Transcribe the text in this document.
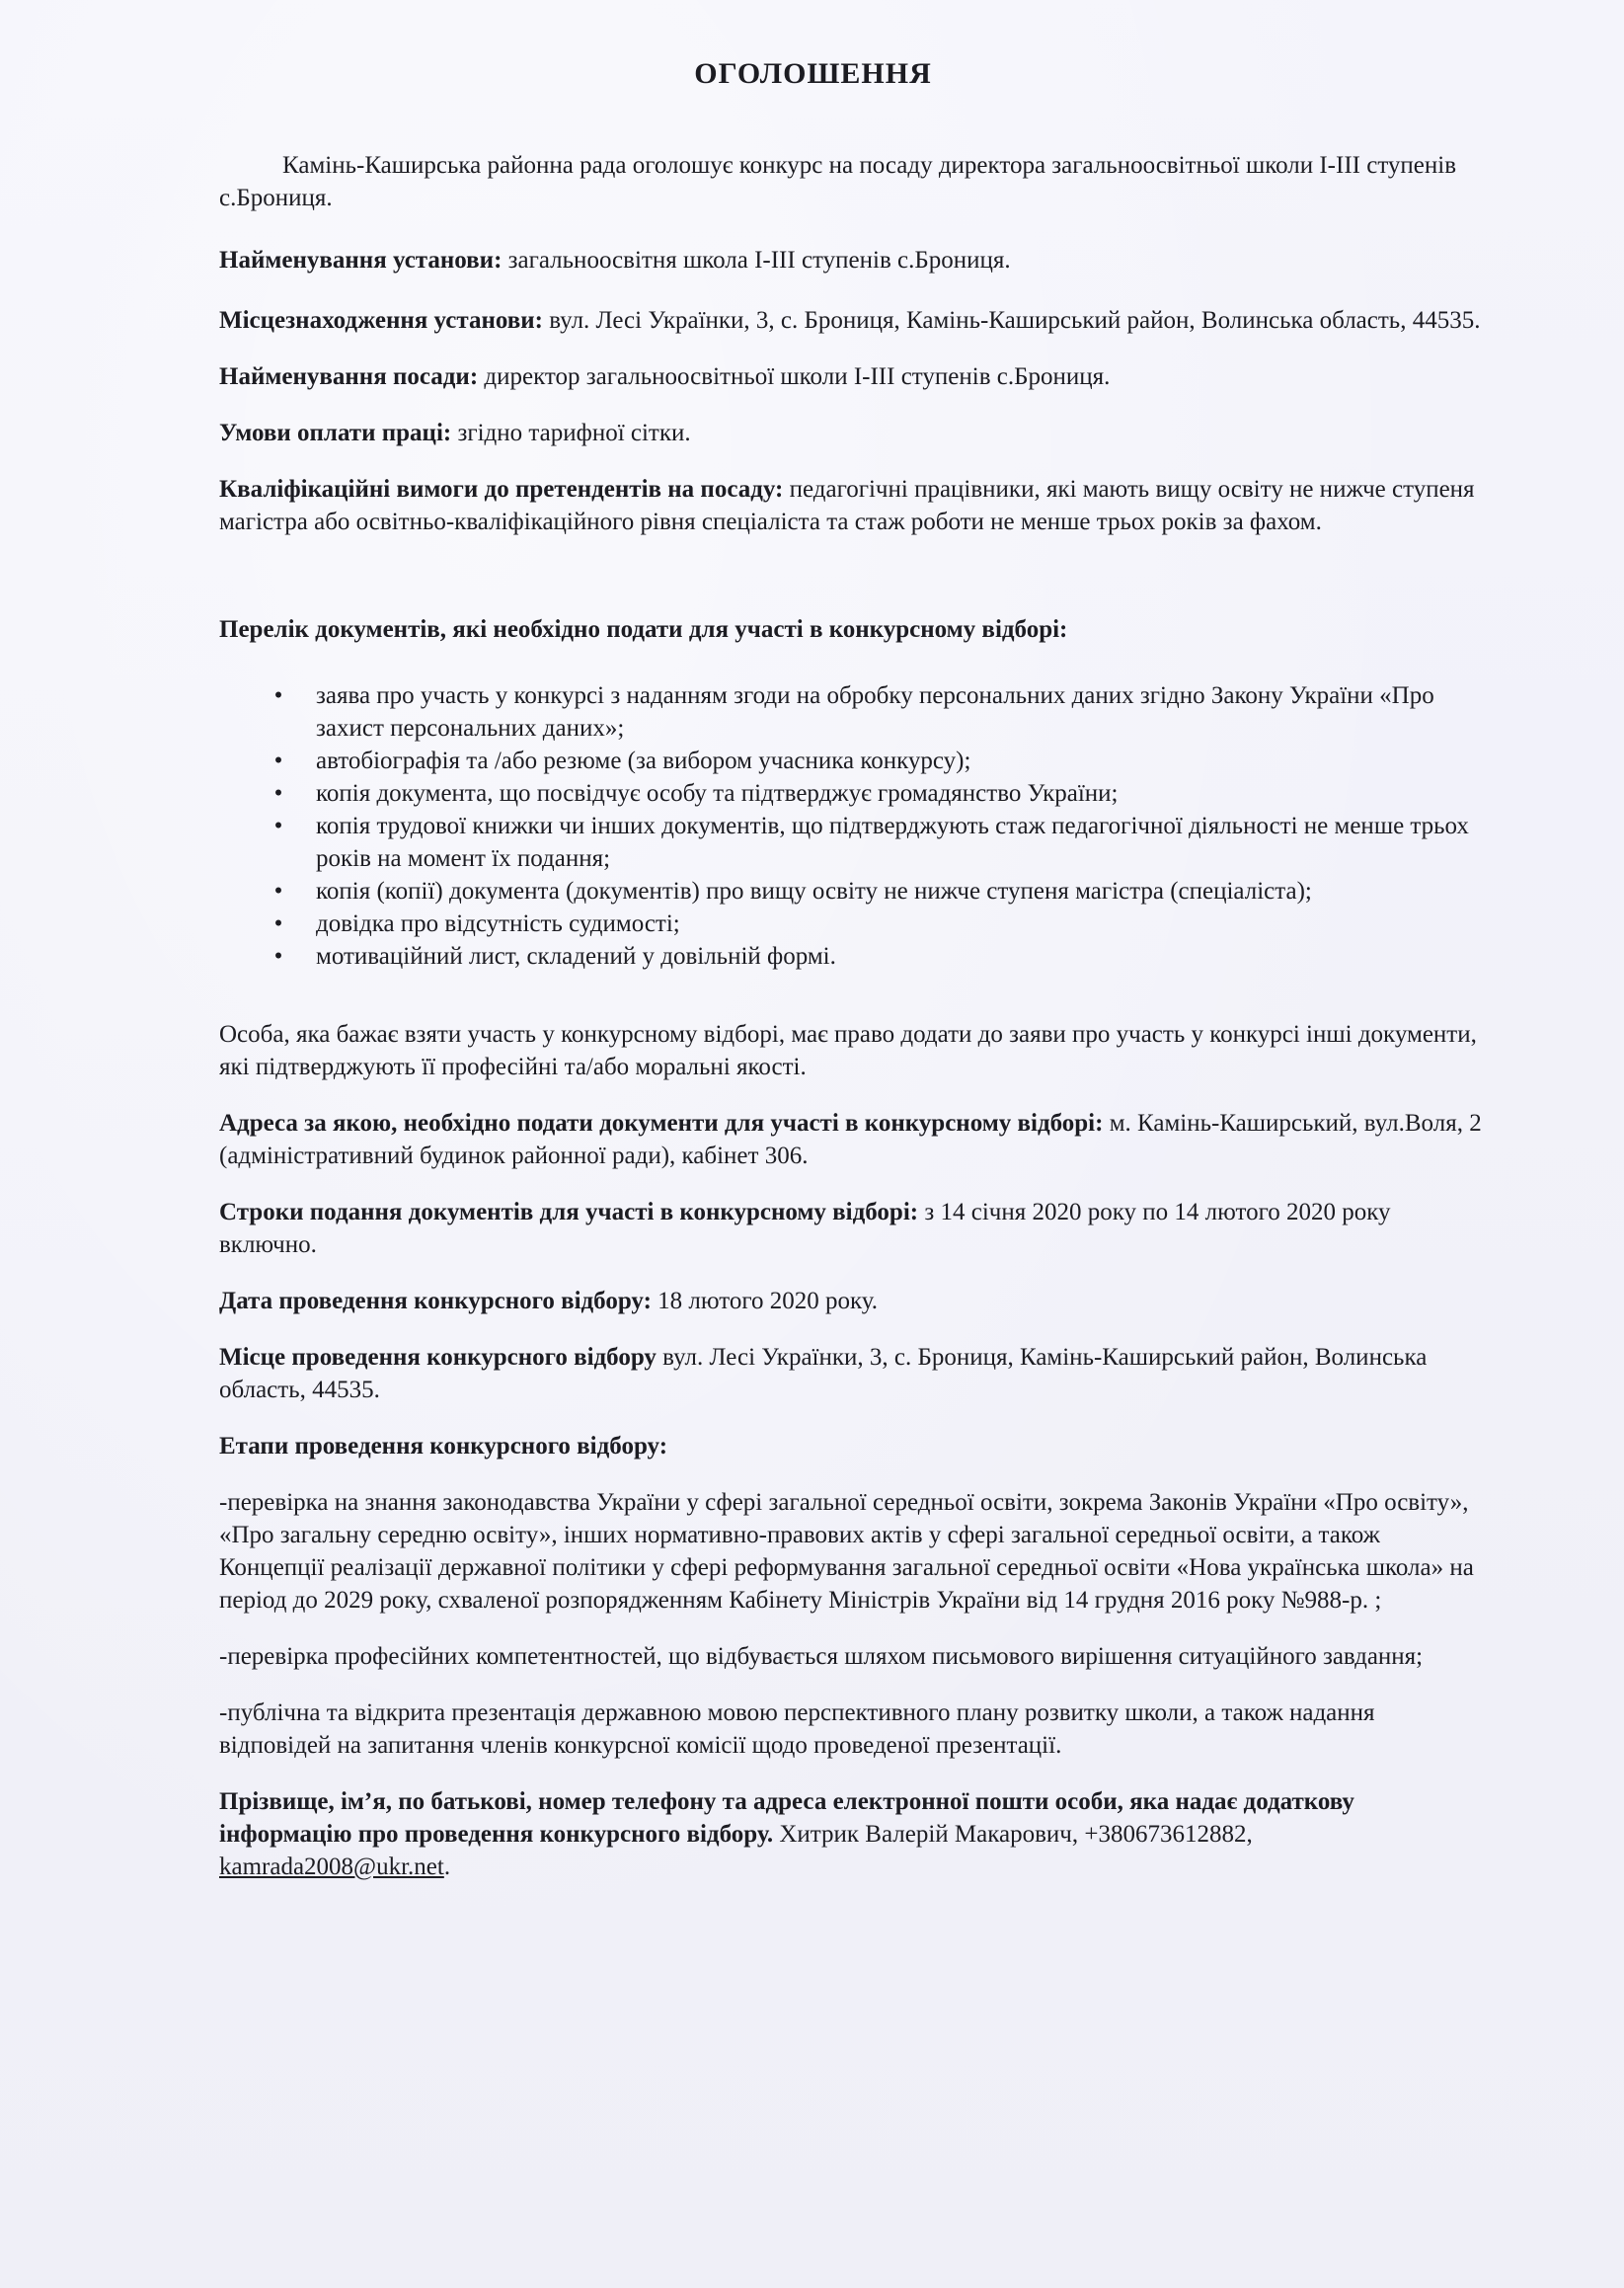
ОГОЛОШЕННЯ

Камінь-Каширська районна рада оголошує конкурс на посаду директора загальноосвітньої школи І-ІІІ ступенів с.Брониця.

Найменування установи: загальноосвітня школа І-ІІІ ступенів с.Брониця.

Місцезнаходження установи: вул. Лесі Українки, 3, с. Брониця, Камінь-Каширський район, Волинська область, 44535.

Найменування посади: директор загальноосвітньої школи І-ІІІ ступенів с.Брониця.

Умови оплати праці: згідно тарифної сітки.

Кваліфікаційні вимоги до претендентів на посаду: педагогічні працівники, які мають вищу освіту не нижче ступеня магістра або освітньо-кваліфікаційного рівня спеціаліста та стаж роботи не менше трьох років за фахом.

Перелік документів, які необхідно подати для участі в конкурсному відборі:

• заява про участь у конкурсі з наданням згоди на обробку персональних даних згідно Закону України «Про захист персональних даних»;
• автобіографія та /або резюме (за вибором учасника конкурсу);
• копія документа, що посвідчує особу та підтверджує громадянство України;
• копія трудової книжки чи інших документів, що підтверджують стаж педагогічної діяльності не менше трьох років на момент їх подання;
• копія (копії) документа (документів) про вищу освіту не нижче ступеня магістра (спеціаліста);
• довідка про відсутність судимості;
• мотиваційний лист, складений у довільній формі.

Особа, яка бажає взяти участь у конкурсному відборі, має право додати до заяви про участь у конкурсі інші документи, які підтверджують її професійні та/або моральні якості.

Адреса за якою, необхідно подати документи для участі в конкурсному відборі: м. Камінь-Каширський, вул.Воля, 2 (адміністративний будинок районної ради), кабінет 306.

Строки подання документів для участі в конкурсному відборі: з 14 січня 2020 року по 14 лютого 2020 року включно.

Дата проведення конкурсного відбору: 18 лютого 2020 року.

Місце проведення конкурсного відбору вул. Лесі Українки, 3, с. Брониця, Камінь-Каширський район, Волинська область, 44535.

Етапи проведення конкурсного відбору:

-перевірка на знання законодавства України у сфері загальної середньої освіти, зокрема Законів України «Про освіту», «Про загальну середню освіту», інших нормативно-правових актів у сфері загальної середньої освіти, а також Концепції реалізації державної політики у сфері реформування загальної середньої освіти «Нова українська школа» на період до 2029 року, схваленої розпорядженням Кабінету Міністрів України від 14 грудня 2016 року №988-р. ;

-перевірка професійних компетентностей, що відбувається шляхом письмового вирішення ситуаційного завдання;

-публічна та відкрита презентація державною мовою перспективного плану розвитку школи, а також надання відповідей на запитання членів конкурсної комісії щодо проведеної презентації.

Прізвище, ім’я, по батькові, номер телефону та адреса електронної пошти особи, яка надає додаткову інформацію про проведення конкурсного відбору. Хитрик Валерій Макарович, +380673612882, kamrada2008@ukr.net.
